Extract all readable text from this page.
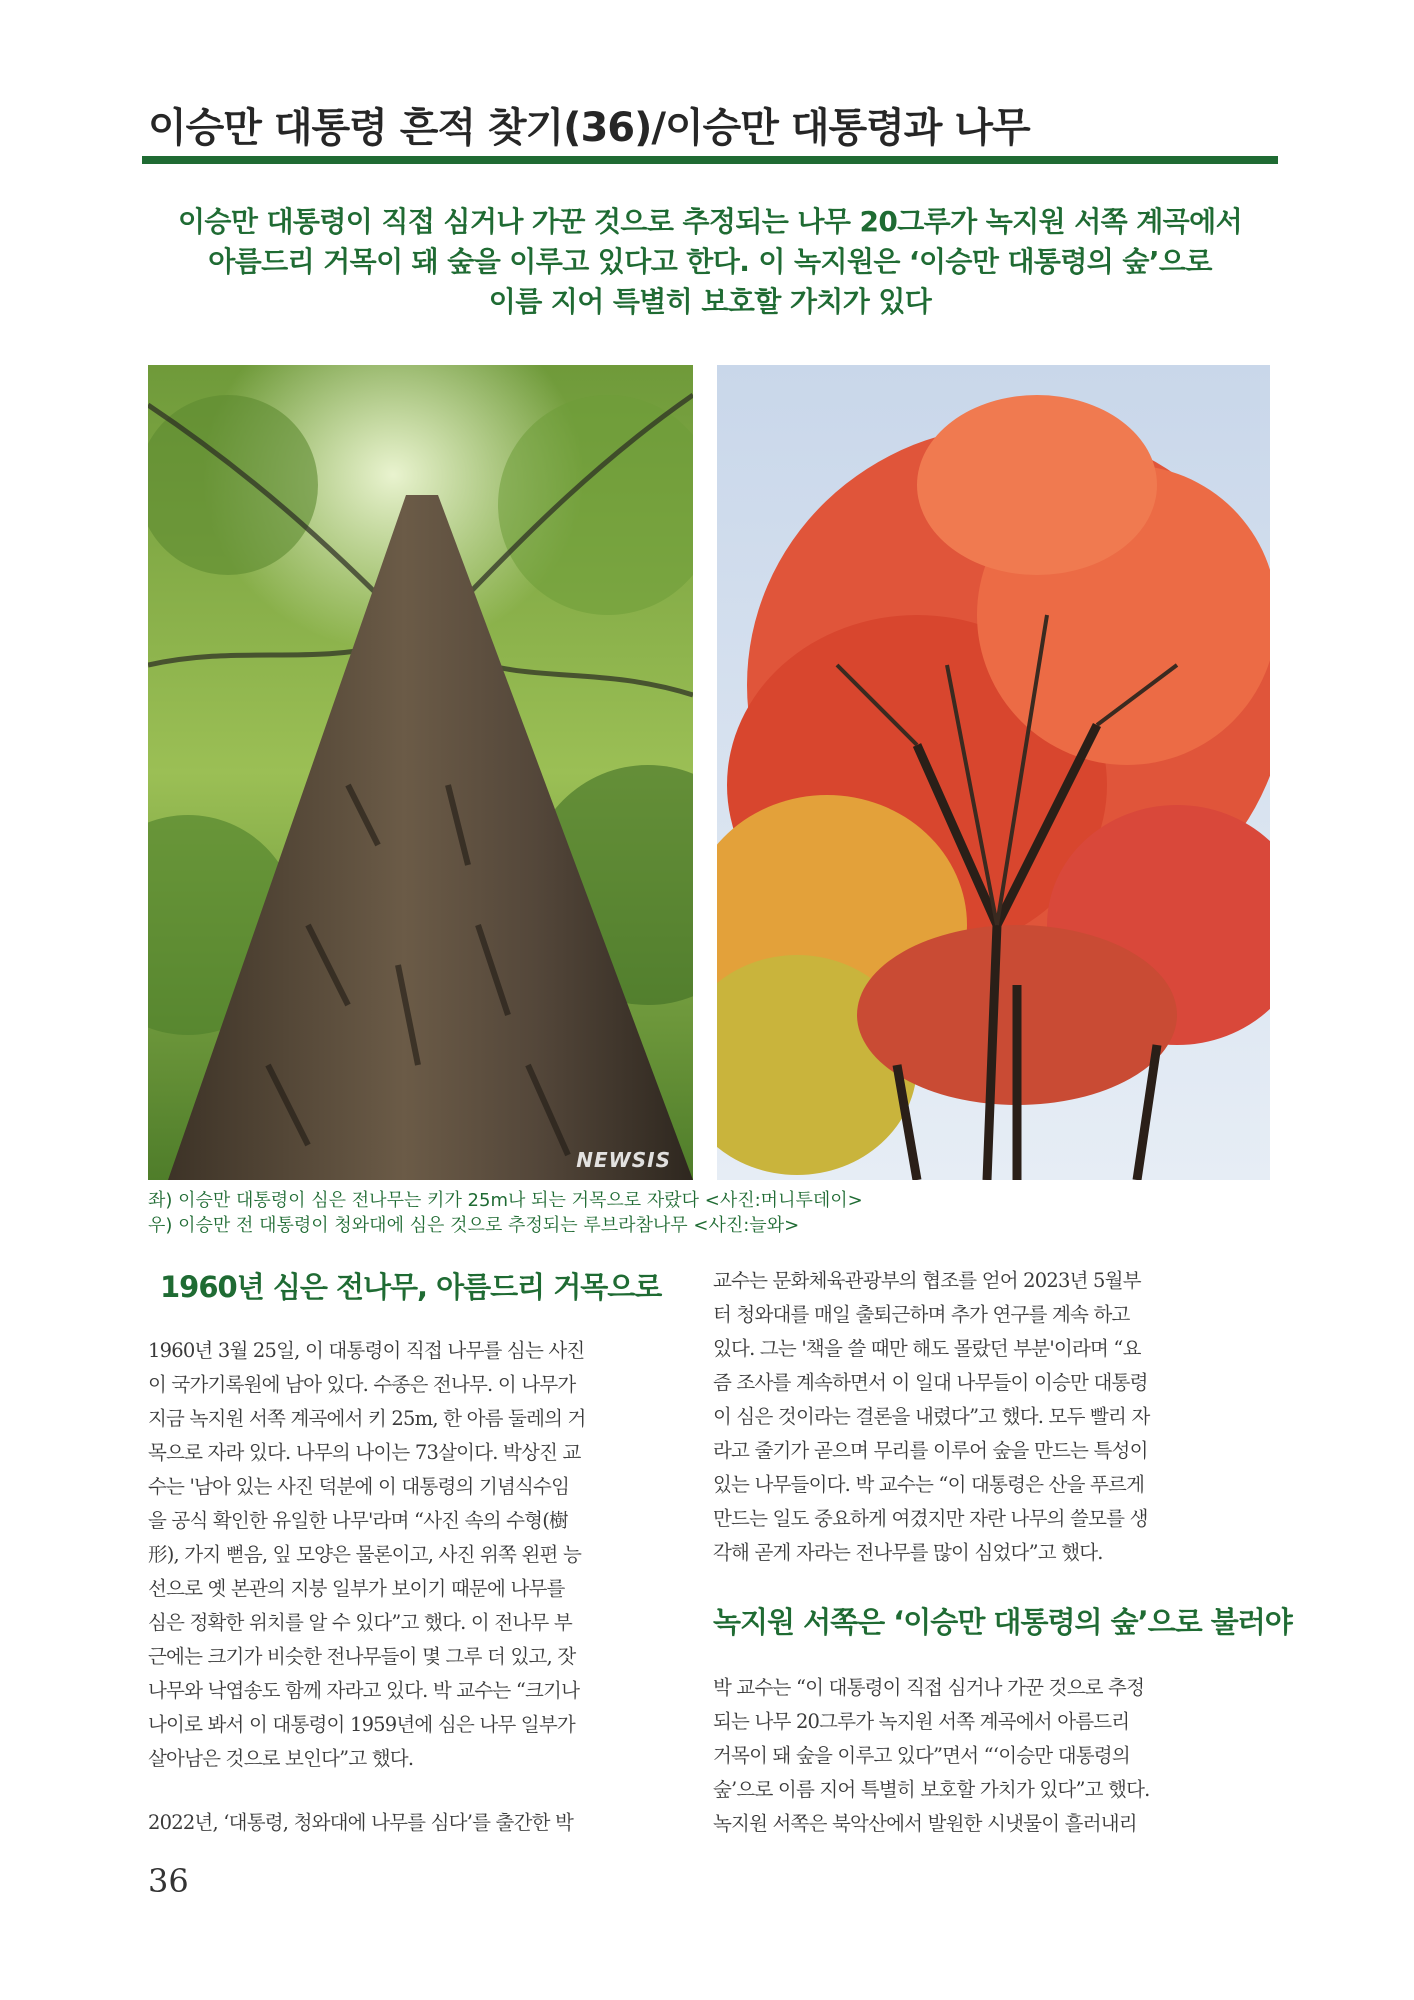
이승만 대통령 흔적 찾기(36)/이승만 대통령과 나무
이승만 대통령이 직접 심거나 가꾼 것으로 추정되는 나무 20그루가 녹지원 서쪽 계곡에서
아름드리 거목이 돼 숲을 이루고 있다고 한다. 이 녹지원은 ‘이승만 대통령의 숲’으로
이름 지어 특별히 보호할 가치가 있다
NEWSIS
좌) 이승만 대통령이 심은 전나무는 키가 25m나 되는 거목으로 자랐다 <사진:머니투데이>
우) 이승만 전 대통령이 청와대에 심은 것으로 추정되는 루브라참나무 <사진:늘와>
1960년 심은 전나무, 아름드리 거목으로
1960년 3월 25일, 이 대통령이 직접 나무를 심는 사진
이 국가기록원에 남아 있다. 수종은 전나무. 이 나무가
지금 녹지원 서쪽 계곡에서 키 25m, 한 아름 둘레의 거
목으로 자라 있다. 나무의 나이는 73살이다. 박상진 교
수는 '남아 있는 사진 덕분에 이 대통령의 기념식수임
을 공식 확인한 유일한 나무'라며 “사진 속의 수형(樹
形), 가지 뻗음, 잎 모양은 물론이고, 사진 위쪽 왼편 능
선으로 옛 본관의 지붕 일부가 보이기 때문에 나무를
심은 정확한 위치를 알 수 있다”고 했다. 이 전나무 부
근에는 크기가 비슷한 전나무들이 몇 그루 더 있고, 잣
나무와 낙엽송도 함께 자라고 있다. 박 교수는 “크기나
나이로 봐서 이 대통령이 1959년에 심은 나무 일부가
살아남은 것으로 보인다”고 했다.
2022년, ‘대통령, 청와대에 나무를 심다’를 출간한 박
교수는 문화체육관광부의 협조를 얻어 2023년 5월부
터 청와대를 매일 출퇴근하며 추가 연구를 계속 하고
있다. 그는 '책을 쓸 때만 해도 몰랐던 부분'이라며 “요
즘 조사를 계속하면서 이 일대 나무들이 이승만 대통령
이 심은 것이라는 결론을 내렸다”고 했다. 모두 빨리 자
라고 줄기가 곧으며 무리를 이루어 숲을 만드는 특성이
있는 나무들이다. 박 교수는 “이 대통령은 산을 푸르게
만드는 일도 중요하게 여겼지만 자란 나무의 쓸모를 생
각해 곧게 자라는 전나무를 많이 심었다”고 했다.
녹지원 서쪽은 ‘이승만 대통령의 숲’으로 불러야
박 교수는 “이 대통령이 직접 심거나 가꾼 것으로 추정
되는 나무 20그루가 녹지원 서쪽 계곡에서 아름드리
거목이 돼 숲을 이루고 있다”면서 “‘이승만 대통령의
숲’으로 이름 지어 특별히 보호할 가치가 있다”고 했다.
녹지원 서쪽은 북악산에서 발원한 시냇물이 흘러내리
36
